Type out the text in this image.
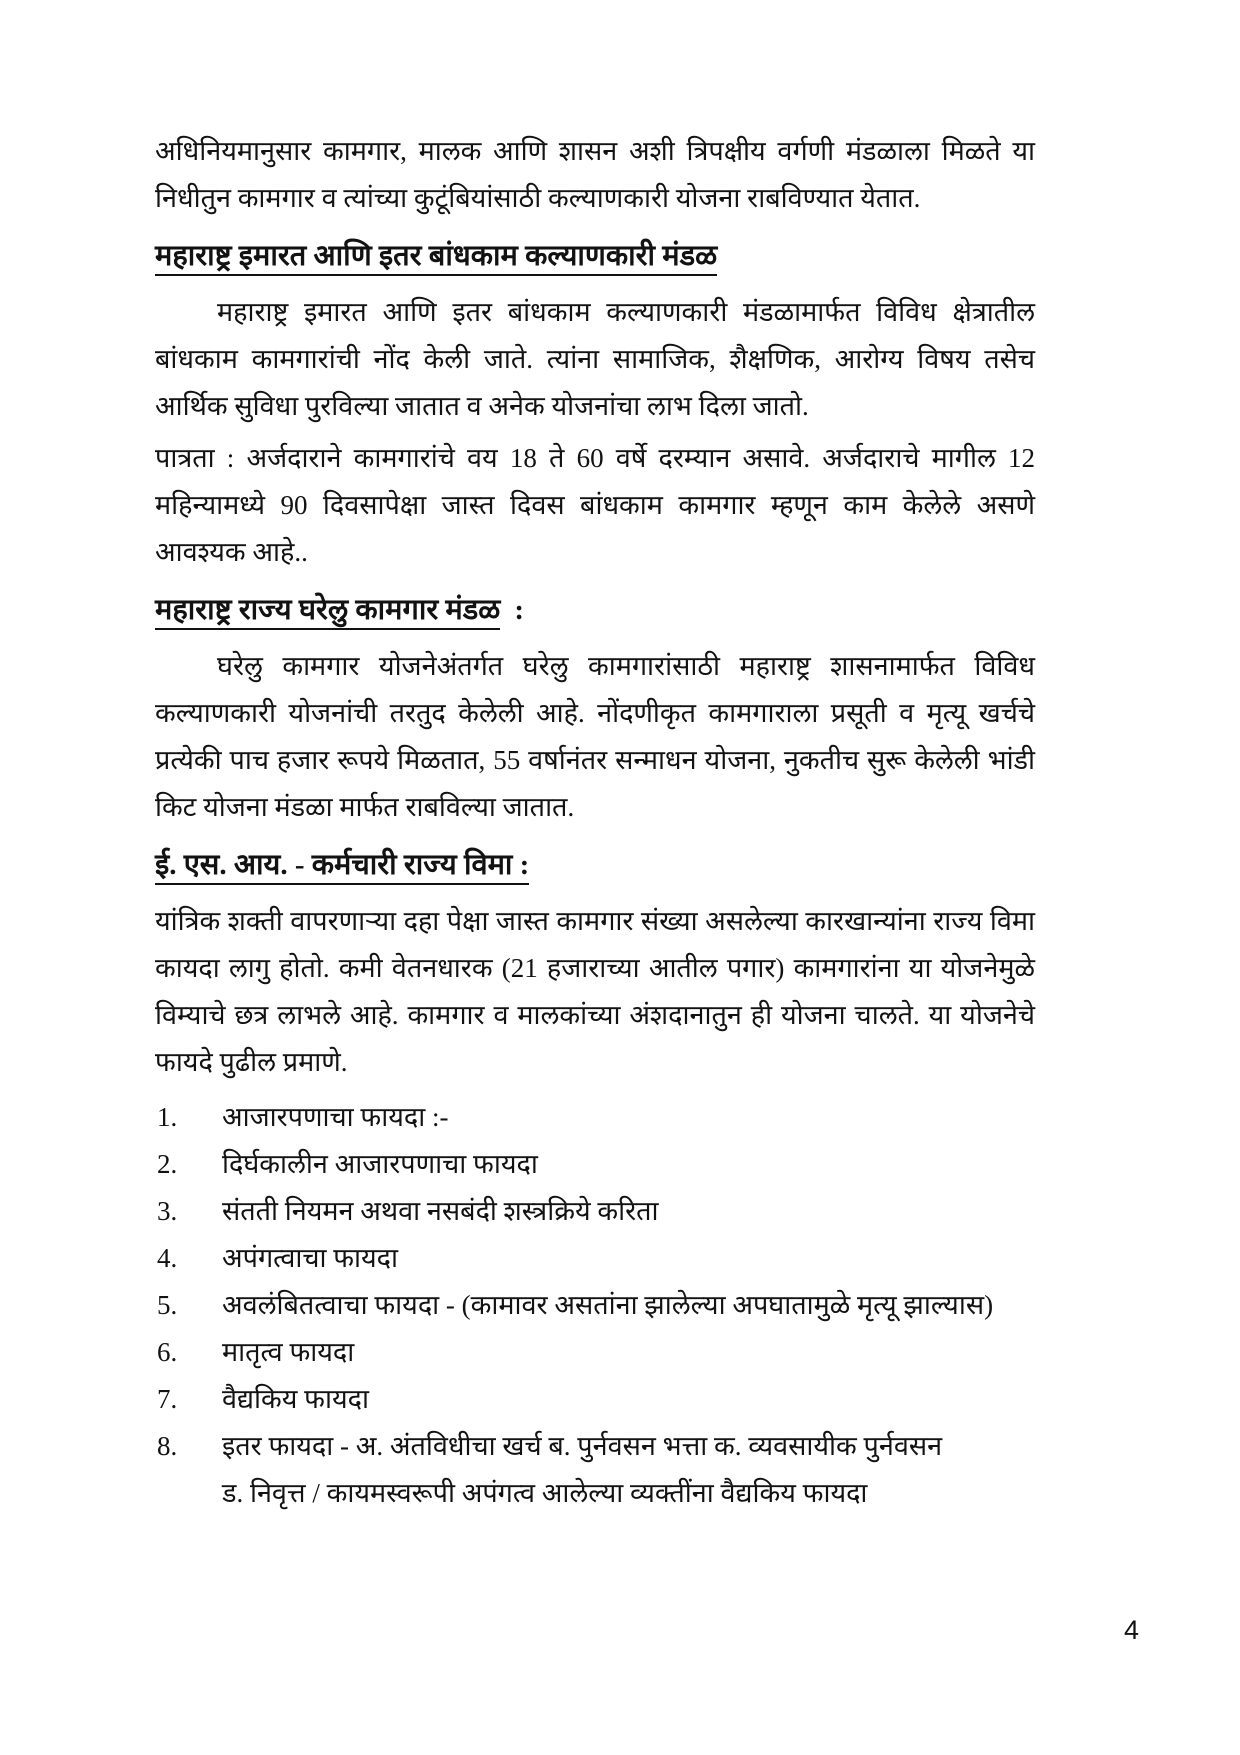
अधिनियमानुसार कामगार, मालक आणि शासन अशी त्रिपक्षीय वर्गणी मंडळाला मिळते या निधीतुन कामगार व त्यांच्या कुटूंबियांसाठी कल्याणकारी योजना राबविण्यात येतात.

महाराष्ट्र इमारत आणि इतर बांधकाम कल्याणकारी मंडळ

महाराष्ट्र इमारत आणि इतर बांधकाम कल्याणकारी मंडळामार्फत विविध क्षेत्रातील बांधकाम कामगारांची नोंद केली जाते. त्यांना सामाजिक, शैक्षणिक, आरोग्य विषय तसेच आर्थिक सुविधा पुरविल्या जातात व अनेक योजनांचा लाभ दिला जातो.

पात्रता : अर्जदाराने कामगारांचे वय 18 ते 60 वर्षे दरम्यान असावे. अर्जदाराचे मागील 12 महिन्यामध्ये 90 दिवसापेक्षा जास्त दिवस बांधकाम कामगार म्हणून काम केलेले असणे आवश्यक आहे..

महाराष्ट्र राज्य घरेलु कामगार मंडळ :

घरेलु कामगार योजनेअंतर्गत घरेलु कामगारांसाठी महाराष्ट्र शासनामार्फत विविध कल्याणकारी योजनांची तरतुद केलेली आहे. नोंदणीकृत कामगाराला प्रसूती व मृत्यू खर्चचे प्रत्येकी पाच हजार रूपये मिळतात, 55 वर्षानंतर सन्माधन योजना, नुकतीच सुरू केलेली भांडी किट योजना मंडळा मार्फत राबविल्या जातात.

ई. एस. आय. - कर्मचारी राज्य विमा :

यांत्रिक शक्ती वापरणाऱ्या दहा पेक्षा जास्त कामगार संख्या असलेल्या कारखान्यांना राज्य विमा कायदा लागु होतो. कमी वेतनधारक (21 हजाराच्या आतील पगार) कामगारांना या योजनेमुळे विम्याचे छत्र लाभले आहे. कामगार व मालकांच्या अंशदानातुन ही योजना चालते. या योजनेचे फायदे पुढील प्रमाणे.

1. आजारपणाचा फायदा :-
2. दिर्घकालीन आजारपणाचा फायदा
3. संतती नियमन अथवा नसबंदी शस्त्रक्रिये करिता
4. अपंगत्वाचा फायदा
5. अवलंबितत्वाचा फायदा - (कामावर असतांना झालेल्या अपघातामुळे मृत्यू झाल्यास)
6. मातृत्व फायदा
7. वैद्यकिय फायदा
8. इतर फायदा - अ. अंतविधीचा खर्च ब. पुर्नवसन भत्ता क. व्यवसायीक पुर्नवसन
ड. निवृत्त / कायमस्वरूपी अपंगत्व आलेल्या व्यक्तींना वैद्यकिय फायदा
4
